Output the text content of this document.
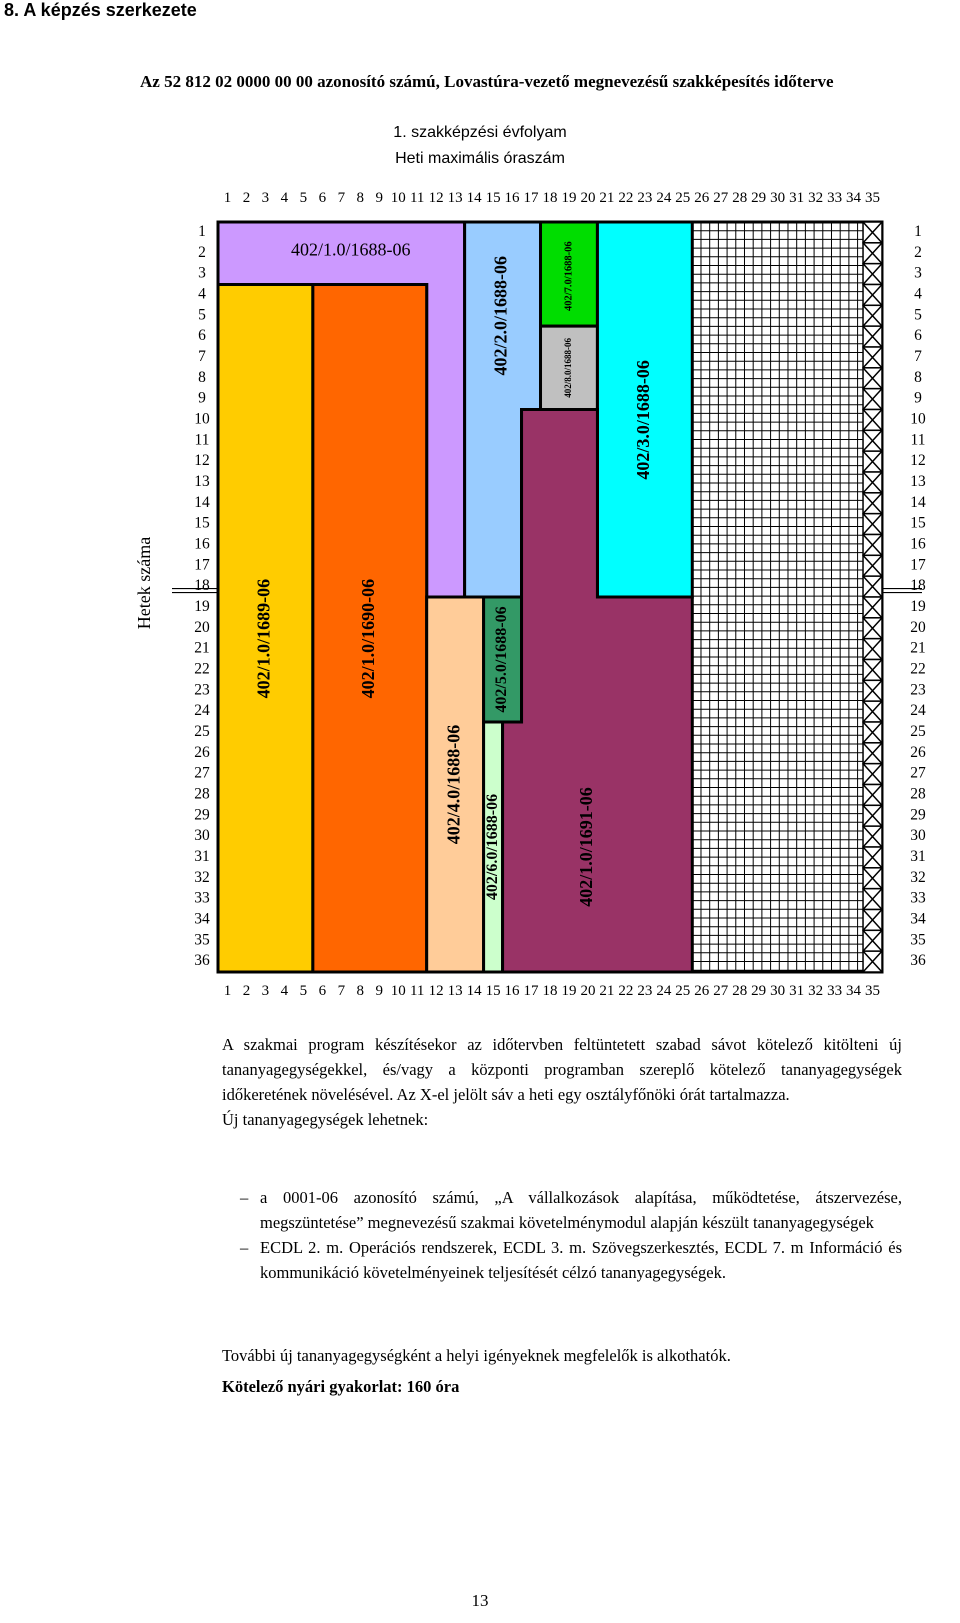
8. A képzés szerkezete
Az 52 812 02 0000 00 00 azonosító számú, Lovastúra-vezető megnevezésű szakképesítés időterve
1. szakképzési évfolyam
Heti maximális óraszám
402/1.0/1688-06
402/1.0/1689-06	402/1.0/1690-06
402/2.0/1688-06	402/7.0/1688-06
402/8.0/1688-06	402/3.0/1688-06
402/4.0/1688-06
402/5.0/1688-06
402/6.0/1688-06	402/1.0/1691-06
1
1
2
2
3
3
4
4
5
5
6
6
7
7
8
8
9
9
10
10
11
11
12
12
13
13
14
14
15
15
16
16
17
17
18
18
19
19
20
20
21
21
22
22
23
23
24
24
25
25
26
26
27
27
28
28
29
29
30
30
31
31
32
32
33
33
34
34
35
35
1	1
2	2
3	3
4	4
5	5
6	6
7	7
8	8
9	9
10	10
11	11
12	12
13	13
14	14
15	15
16	16
17	17
18	18
19	19
20	20
21	21
22	22
23	23
24	24
25	25
26	26
27	27
28	28
29	29
30	30
31	31
32	32
33	33
34	34
35	35
36	36
Hetek száma

A szakmai program készítésekor az időtervben feltüntetett szabad sávot kötelező kitölteni új tananyagegységekkel, és/vagy a központi programban szereplő kötelező tananyagegységek időkeretének növelésével. Az X-el jelölt sáv a heti egy osztályfőnöki órát tartalmazza.

Új tananyagegységek lehetnek:

– a 0001-06 azonosító számú, „A vállalkozások alapítása, működtetése, átszervezése, megszüntetése” megnevezésű szakmai követelménymodul alapján készült tananyagegységek
– ECDL 2. m. Operációs rendszerek, ECDL 3. m. Szövegszerkesztés, ECDL 7. m Információ és kommunikáció követelményeinek teljesítését célzó tananyagegységek.

További új tananyagegységként a helyi igényeknek megfelelők is alkothatók.

Kötelező nyári gyakorlat: 160 óra

13
